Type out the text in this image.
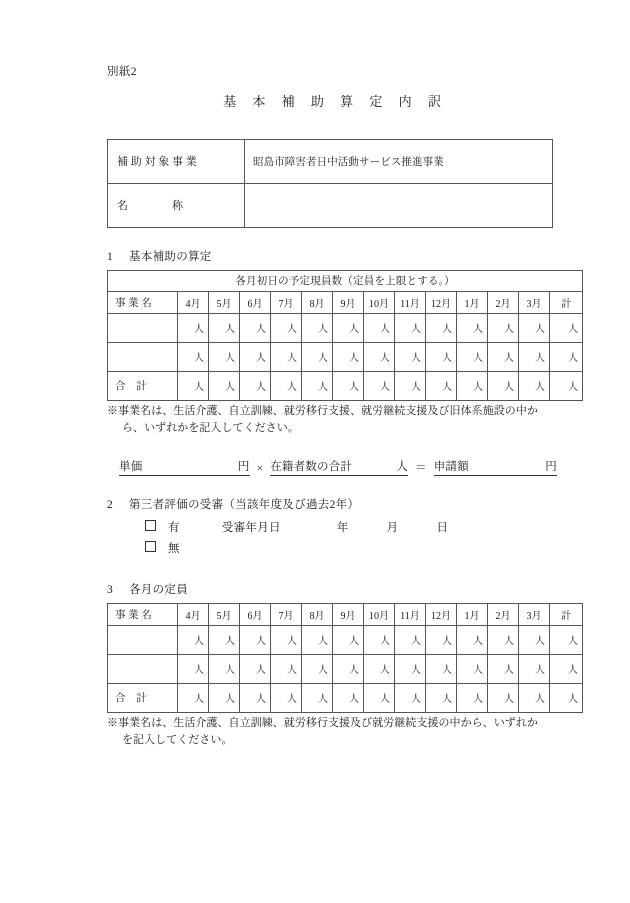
別紙2
基 本 補 助 算 定 内 訳
補 助 対 象 事 業	昭島市障害者日中活動サービス推進事業
名　　　　称	
1 基本補助の算定
各月初日の予定現員数（定員を上限とする。）													

事 業 名	4月	5月	6月	7月	8月	9月	10月	11月	12月	1月	2月	3月	計
	人	人	人	人	人	人	人	人	人	人	人	人	人
	人	人	人	人	人	人	人	人	人	人	人	人	人

合　計	人	人	人	人	人	人	人	人	人	人	人	人	人

※事業名は、生活介護、自立訓練、就労移行支援、就労継続支援及び旧体系施設の中か
ら、いずれかを記入してください。

単価	円 × 在籍者数の合計	人 ＝ 申請額	円
2 第三者評価の受審（当該年度及び過去2年）
有	受審年月日	年	月	日
無
3 各月の定員
事 業 名	4月	5月	6月	7月	8月	9月	10月	11月	12月	1月	2月	3月	計
	人	人	人	人	人	人	人	人	人	人	人	人	人
	人	人	人	人	人	人	人	人	人	人	人	人	人

合　計	人	人	人	人	人	人	人	人	人	人	人	人	人

※事業名は、生活介護、自立訓練、就労移行支援及び就労継続支援の中から、いずれか
を記入してください。
